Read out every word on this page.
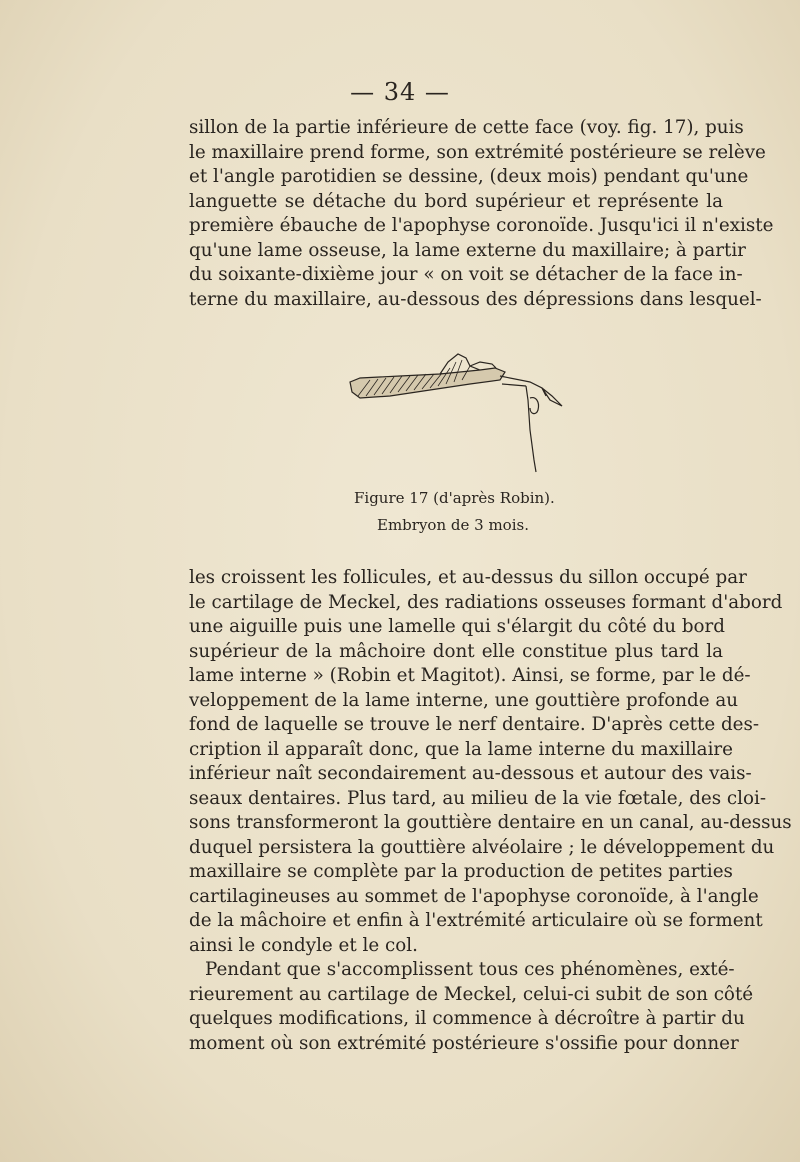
— 34 —
sillon de la partie inférieure de cette face (voy. fig. 17), puis
le maxillaire prend forme, son extrémité postérieure se relève
et l'angle parotidien se dessine, (deux mois) pendant qu'une
languette se détache du bord supérieur et représente la
première ébauche de l'apophyse coronoïde. Jusqu'ici il n'existe
qu'une lame osseuse, la lame externe du maxillaire; à partir
du soixante-dixième jour « on voit se détacher de la face in-
terne du maxillaire, au-dessous des dépressions dans lesquel-
Figure 17 (d'après Robin).
Embryon de 3 mois.
les croissent les follicules, et au-dessus du sillon occupé par
le cartilage de Meckel, des radiations osseuses formant d'abord
une aiguille puis une lamelle qui s'élargit du côté du bord
supérieur de la mâchoire dont elle constitue plus tard la
lame interne » (Robin et Magitot). Ainsi, se forme, par le dé-
veloppement de la lame interne, une gouttière profonde au
fond de laquelle se trouve le nerf dentaire. D'après cette des-
cription il apparaît donc, que la lame interne du maxillaire
inférieur naît secondairement au-dessous et autour des vais-
seaux dentaires. Plus tard, au milieu de la vie fœtale, des cloi-
sons transformeront la gouttière dentaire en un canal, au-dessus
duquel persistera la gouttière alvéolaire ; le développement du
maxillaire se complète par la production de petites parties
cartilagineuses au sommet de l'apophyse coronoïde, à l'angle
de la mâchoire et enfin à l'extrémité articulaire où se forment
ainsi le condyle et le col.
Pendant que s'accomplissent tous ces phénomènes, exté-
rieurement au cartilage de Meckel, celui-ci subit de son côté
quelques modifications, il commence à décroître à partir du
moment où son extrémité postérieure s'ossifie pour donner
